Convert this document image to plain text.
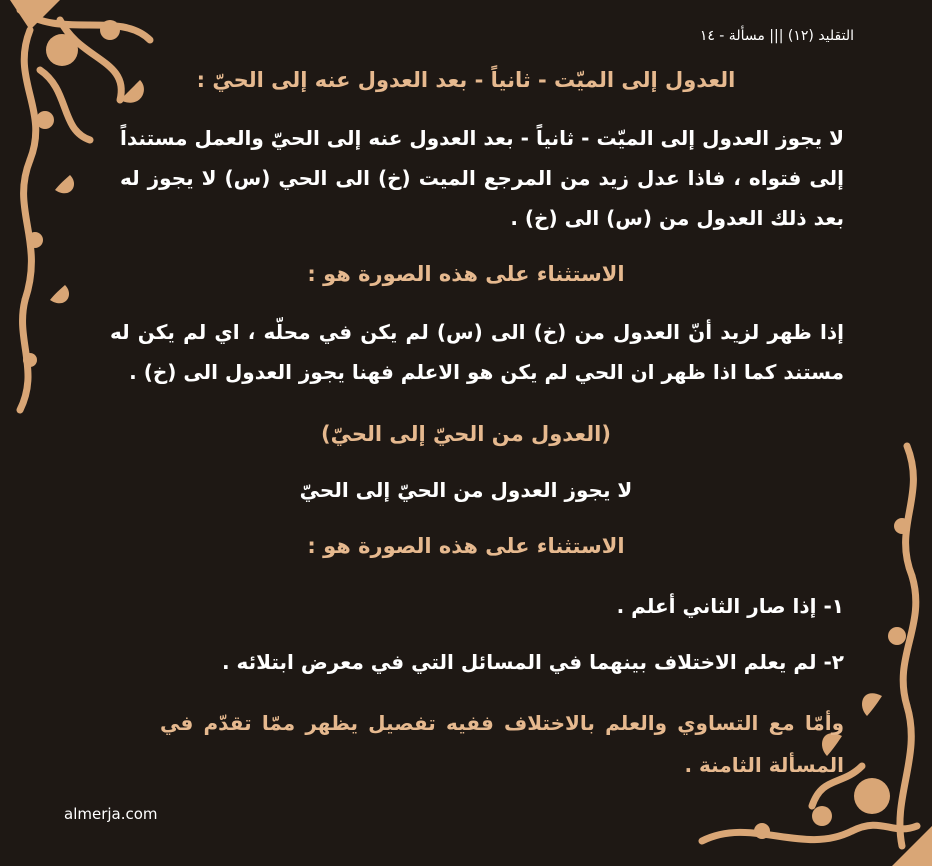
التقليد (١٢) ||| مسألة - ١٤
العدول إلى الميّت - ثانياً - بعد العدول عنه إلى الحيّ :
لا يجوز العدول إلى الميّت - ثانياً - بعد العدول عنه إلى الحيّ والعمل مستنداً إلى فتواه ، فاذا عدل زيد من المرجع الميت (خ) الى الحي (س) لا يجوز له بعد ذلك العدول من (س) الى (خ) .
الاستثناء على هذه الصورة هو :
إذا ظهر لزيد أنّ العدول من (خ) الى (س) لم يكن في محلّه ، اي لم يكن له مستند كما اذا ظهر ان الحي لم يكن هو الاعلم فهنا يجوز العدول الى (خ) .
(العدول من الحيّ إلى الحيّ)
لا يجوز العدول من الحيّ إلى الحيّ
الاستثناء على هذه الصورة هو :
١- إذا صار الثاني أعلم .
٢- لم يعلم الاختلاف بينهما في المسائل التي في معرض ابتلائه .
وأمّا مع التساوي والعلم بالاختلاف ففيه تفصيل يظهر ممّا تقدّم في المسألة الثامنة .
almerja.com
